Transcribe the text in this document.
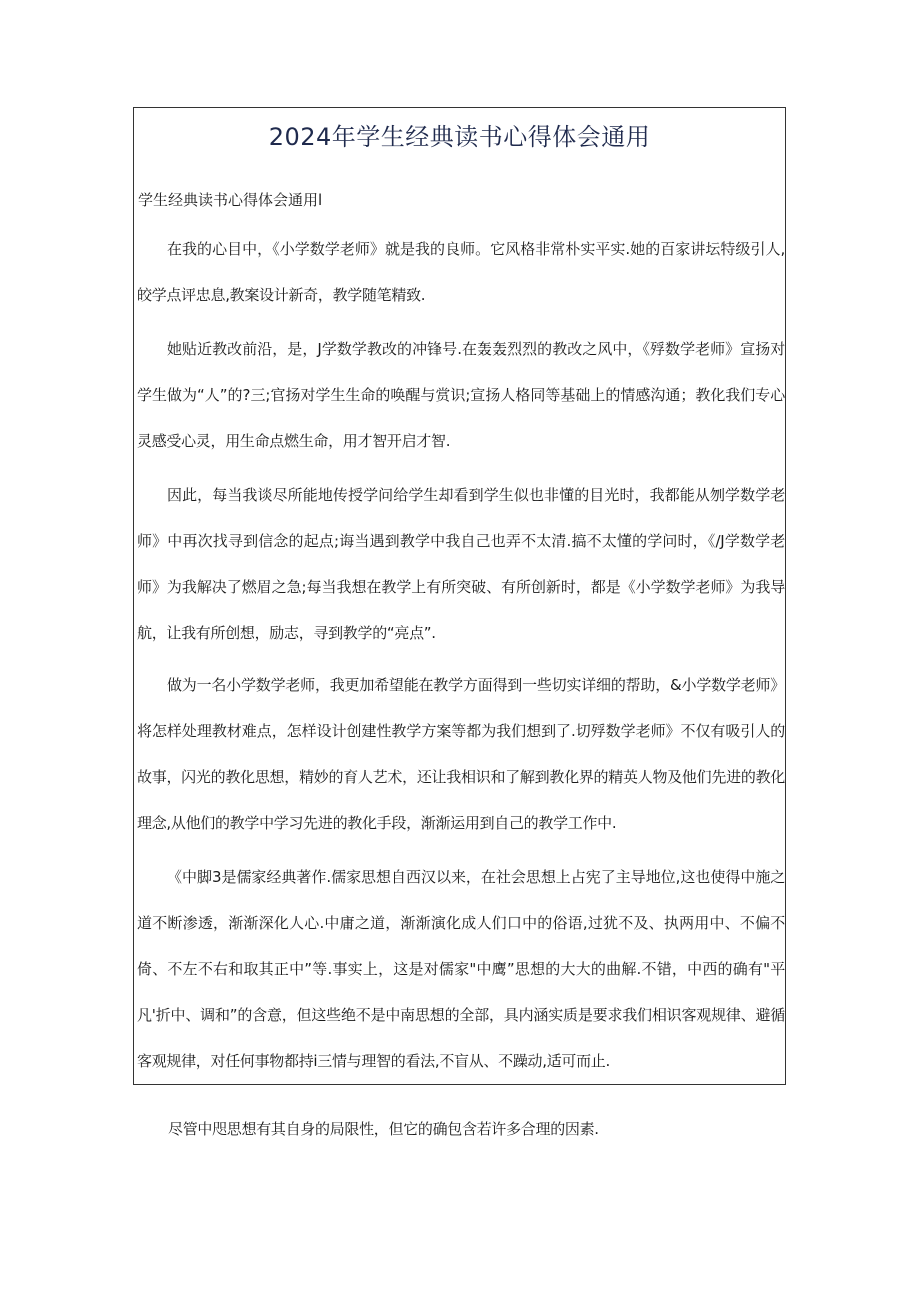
2024年学生经典读书心得体会通用
学生经典读书心得体会通用l

在我的心目中，《小学数学老师》就是我的良师。它风格非常朴实平实.她的百家讲坛特级引人,皎学点评忠息,教案设计新奇，教学随笔精致.

她贴近教改前沿，是，J学数学教改的冲锋号.在轰轰烈烈的教改之风中，《殍数学老师》宣扬对学生做为“人”的?三;官扬对学生生命的唤醒与赏识;宣扬人格同等基础上的情感沟通；教化我们专心灵感受心灵，用生命点燃生命，用才智开启才智.

因此，每当我谈尽所能地传授学问给学生却看到学生似也非懂的目光时，我都能从刎学数学老师》中再次找寻到信念的起点;诲当遇到教学中我自己也弄不太清.搞不太懂的学问时，《/J学数学老师》为我解决了燃眉之急;每当我想在教学上有所突破、有所创新时，都是《小学数学老师》为我导航，让我有所创想，励志，寻到教学的“亮点”.

做为一名小学数学老师，我更加希望能在教学方面得到一些切实详细的帮助，&小学数学老师》将怎样处理教材难点，怎样设计创建性教学方案等都为我们想到了.切殍数学老师》不仅有吸引人的故事，闪光的教化思想，精妙的育人艺术，还让我相识和了解到教化界的精英人物及他们先进的教化理念,从他们的教学中学习先进的教化手段，渐渐运用到自己的教学工作中.

《中脚3是儒家经典著作.儒家思想自西汉以来，在社会思想上占宪了主导地位,这也使得中施之道不断渗透，渐渐深化人心.中庸之道，渐渐演化成人们口中的俗语,过犹不及、执两用中、不偏不倚、不左不右和取其正中”等.事实上，这是对儒家"中鹰”思想的大大的曲解.不错，中西的确有"平凡'折中、调和”的含意，但这些绝不是中南思想的全部，具内涵实质是要求我们相识客观规律、避循客观规律，对任何事物都持i三情与理智的看法,不盲从、不躁动,适可而止.

尽管中咫思想有其自身的局限性，但它的确包含若许多合理的因素.
